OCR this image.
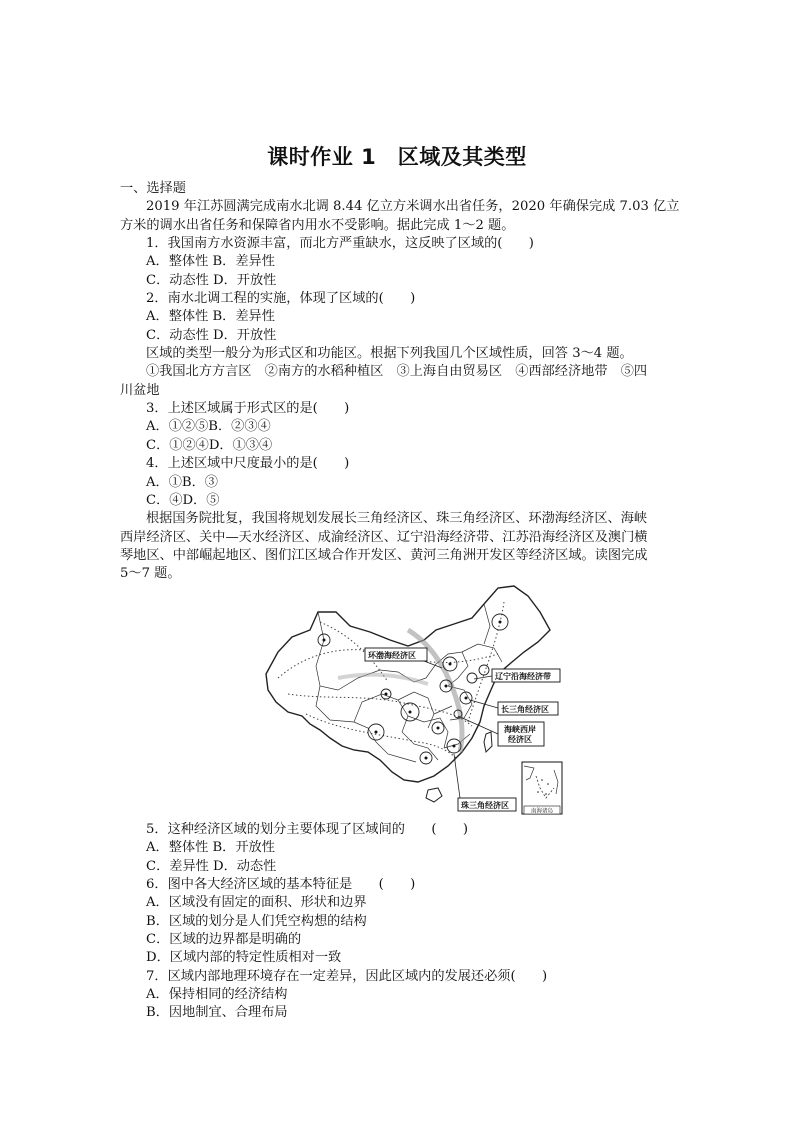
课时作业 1　区域及其类型

一、选择题

2019 年江苏圆满完成南水北调 8.44 亿立方米调水出省任务，2020 年确保完成 7.03 亿立

方米的调水出省任务和保障省内用水不受影响。据此完成 1～2 题。

1．我国南方水资源丰富，而北方严重缺水，这反映了区域的(　　)

A．整体性 B．差异性

C．动态性 D．开放性

2．南水北调工程的实施，体现了区域的(　　)

A．整体性 B．差异性

C．动态性 D．开放性

区域的类型一般分为形式区和功能区。根据下列我国几个区域性质，回答 3～4 题。

①我国北方方言区　②南方的水稻种植区　③上海自由贸易区　④西部经济地带　⑤四

川盆地

3．上述区域属于形式区的是(　　)

A．①②⑤B．②③④

C．①②④D．①③④

4．上述区域中尺度最小的是(　　)

A．①B．③

C．④D．⑤

根据国务院批复，我国将规划发展长三角经济区、珠三角经济区、环渤海经济区、海峡

西岸经济区、关中—天水经济区、成渝经济区、辽宁沿海经济带、江苏沿海经济区及澳门横

琴地区、中部崛起地区、图们江区域合作开发区、黄河三角洲开发区等经济区域。读图完成

5～7 题。

环渤海经济区
辽宁沿海经济带
长三角经济区
海峡西岸
经济区
珠三角经济区
南海诸岛

5．这种经济区域的划分主要体现了区域间的　　(　　)

A．整体性 B．开放性

C．差异性 D．动态性

6．图中各大经济区域的基本特征是　　(　　)

A．区域没有固定的面积、形状和边界

B．区域的划分是人们凭空构想的结构

C．区域的边界都是明确的

D．区域内部的特定性质相对一致

7．区域内部地理环境存在一定差异，因此区域内的发展还必须(　　)

A．保持相同的经济结构

B．因地制宜、合理布局
